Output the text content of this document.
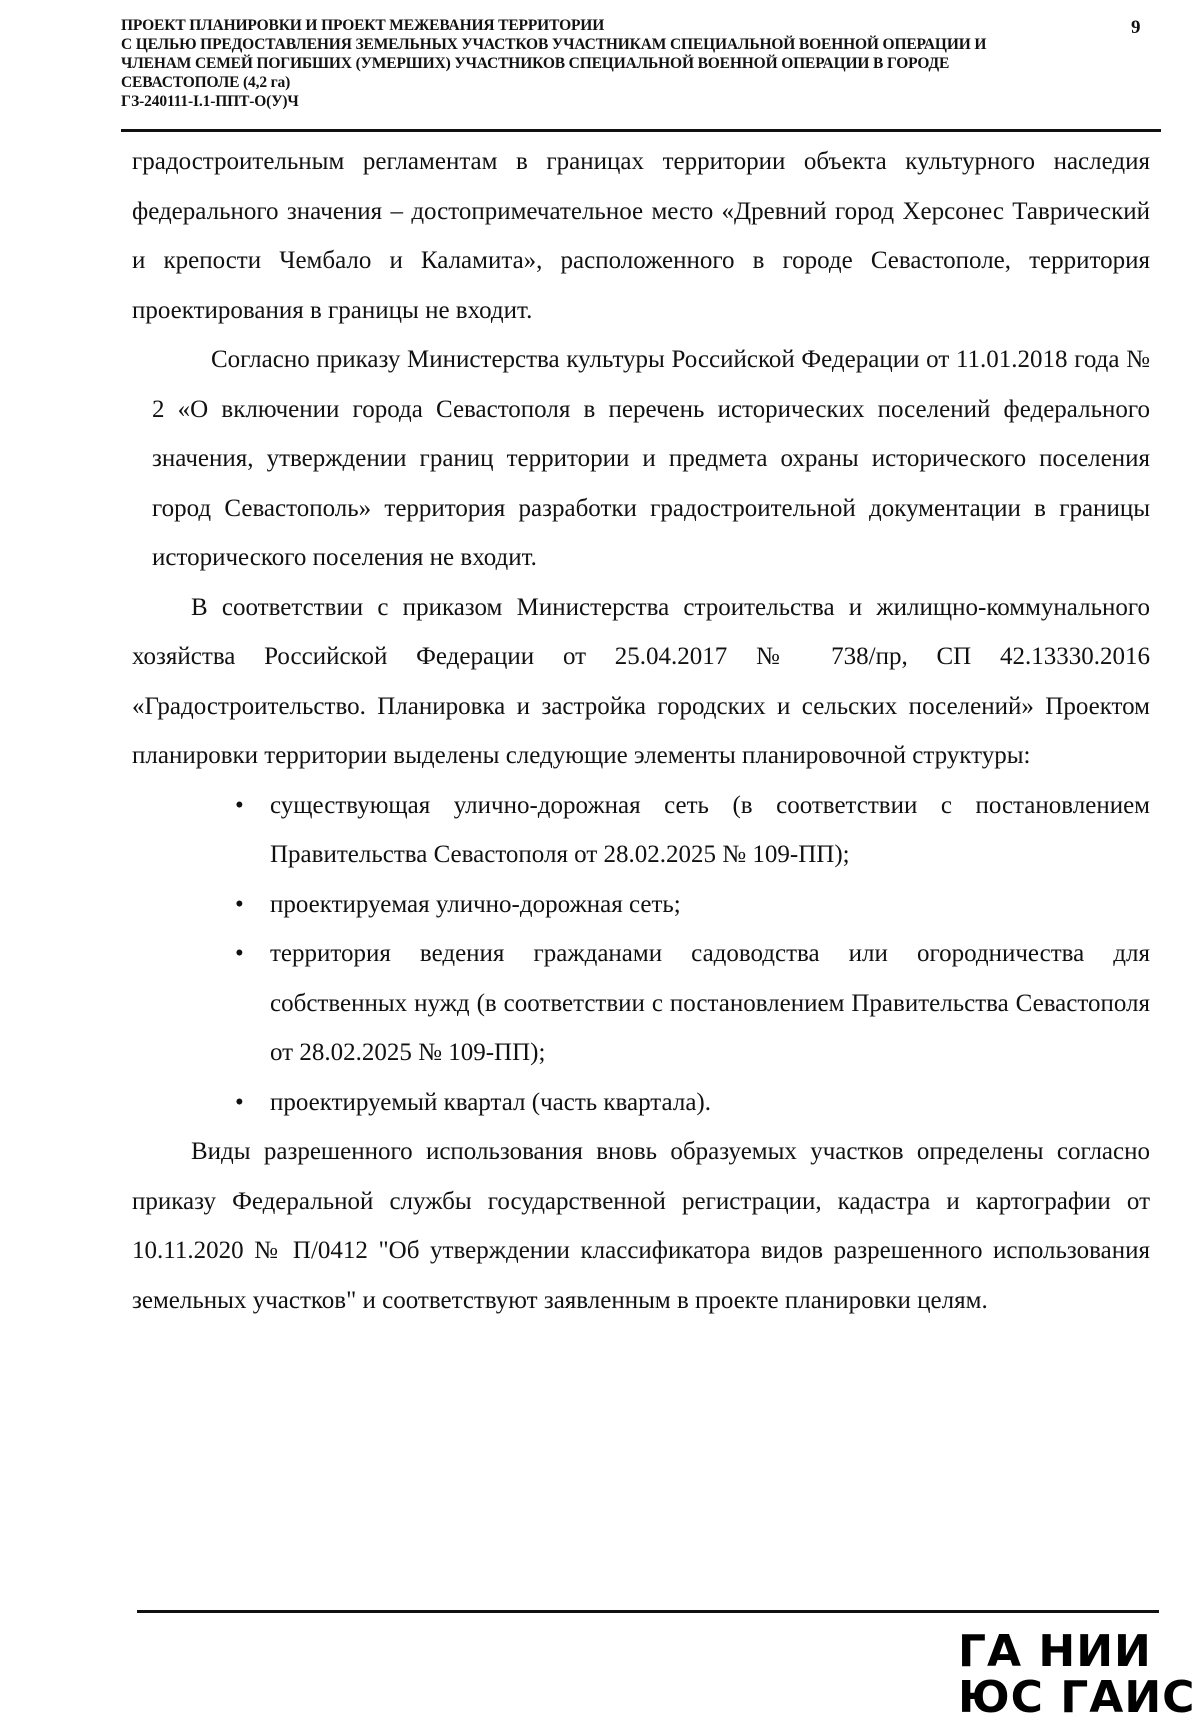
ПРОЕКТ ПЛАНИРОВКИ И ПРОЕКТ МЕЖЕВАНИЯ ТЕРРИТОРИИ
С ЦЕЛЬЮ ПРЕДОСТАВЛЕНИЯ ЗЕМЕЛЬНЫХ УЧАСТКОВ УЧАСТНИКАМ СПЕЦИАЛЬНОЙ ВОЕННОЙ ОПЕРАЦИИ И
ЧЛЕНАМ СЕМЕЙ ПОГИБШИХ (УМЕРШИХ) УЧАСТНИКОВ СПЕЦИАЛЬНОЙ ВОЕННОЙ ОПЕРАЦИИ В ГОРОДЕ
СЕВАСТОПОЛЕ (4,2 га)
ГЗ-240111-I.1-ППТ-О(У)Ч
9

градостроительным регламентам в границах территории объекта культурного наследия федерального значения – достопримечательное место «Древний город Херсонес Таврический и крепости Чембало и Каламита», расположенного в городе Севастополе, территория проектирования в границы не входит.

Согласно приказу Министерства культуры Российской Федерации от 11.01.2018 года № 2 «О включении города Севастополя в перечень исторических поселений федерального значения, утверждении границ территории и предмета охраны исторического поселения город Севастополь» территория разработки градостроительной документации в границы исторического поселения не входит.

В соответствии с приказом Министерства строительства и жилищно-коммунального хозяйства Российской Федерации от 25.04.2017 № 738/пр, СП 42.13330.2016 «Градостроительство. Планировка и застройка городских и сельских поселений» Проектом планировки территории выделены следующие элементы планировочной структуры:

• существующая улично-дорожная сеть (в соответствии с постановлением Правительства Севастополя от 28.02.2025 № 109-ПП);
• проектируемая улично-дорожная сеть;
• территория ведения гражданами садоводства или огородничества для собственных нужд (в соответствии с постановлением Правительства Севастополя от 28.02.2025 № 109-ПП);
• проектируемый квартал (часть квартала).

Виды разрешенного использования вновь образуемых участков определены согласно приказу Федеральной службы государственной регистрации, кадастра и картографии от 10.11.2020 № П/0412 "Об утверждении классификатора видов разрешенного использования земельных участков" и соответствуют заявленным в проекте планировки целям.

ГА НИИ
ЮС ГАИС
